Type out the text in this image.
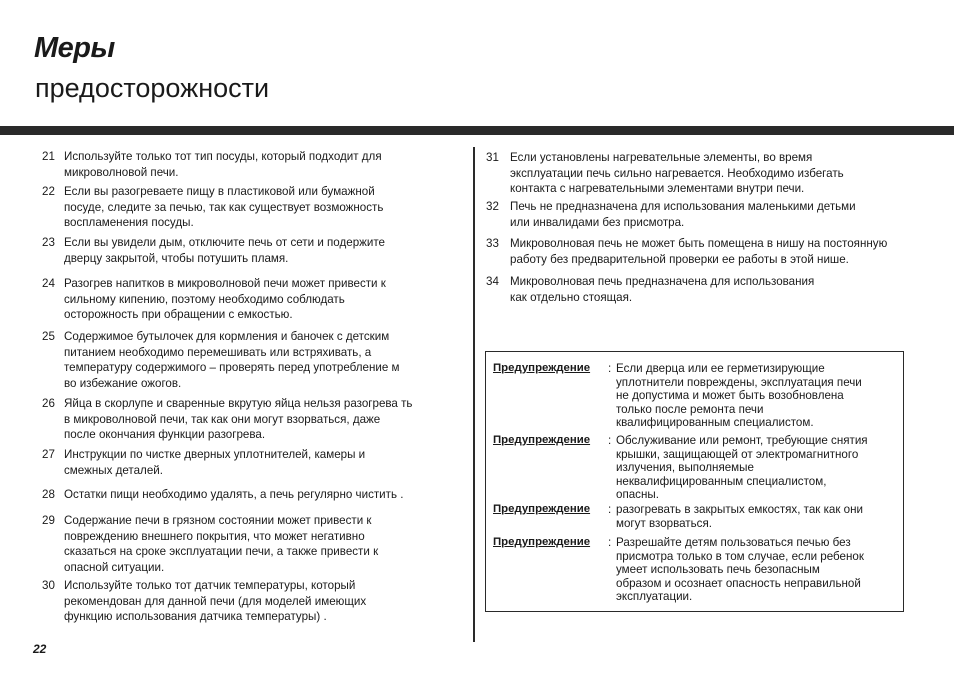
Меры
предосторожности
21 Используйте только тот тип посуды, который подходит для
микроволновой печи.
22 Если вы разогреваете пищу в пластиковой или бумажной
посуде, следите за печью, так как существует возможность
воспламенения посуды.
23 Если вы увидели дым, отключите печь от сети и подержите
дверцу закрытой, чтобы потушить пламя.
24 Разогрев напитков в микроволновой печи может привести к
сильному кипению, поэтому необходимо соблюдать
осторожность при обращении с емкостью.
25 Содержимое бутылочек для кормления и баночек с детским
питанием необходимо перемешивать или встряхивать, а
температуру содержимого – проверять перед употребление м
во избежание ожогов.
26 Яйца в скорлупе и сваренные вкрутую яйца нельзя разогрева ть
в микроволновой печи, так как они могут взорваться, даже
после окончания функции разогрева.
27 Инструкции по чистке дверных уплотнителей, камеры и
смежных деталей.
28 Остатки пищи необходимо удалять, а печь регулярно чистить .
29 Содержание печи в грязном состоянии может привести к
повреждению внешнего покрытия, что может негативно
сказаться на сроке эксплуатации печи, а также привести к
опасной ситуации.
30 Используйте только тот датчик температуры, который
рекомендован для данной печи (для моделей имеющих
функцию использования датчика температуры) .
31 Если установлены нагревательные элементы, во время
эксплуатации печь сильно нагревается. Необходимо избегать
контакта с нагревательными элементами внутри печи.
32 Печь не предназначена для использования маленькими детьми
или инвалидами без присмотра.
33 Микроволновая печь не может быть помещена в нишу на постоянную
работу без предварительной проверки ее работы в этой нише.
34 Микроволновая печь предназначена для использования
как отдельно стоящая.
Предупреждение : Если дверца или ее герметизирующие
уплотнители повреждены, эксплуатация печи
не допустима и может быть возобновлена
только после ремонта печи
квалифицированным специалистом.
Предупреждение : Обслуживание или ремонт, требующие снятия
крышки, защищающей от электромагнитного
излучения, выполняемые
неквалифицированным специалистом,
опасны.
Предупреждение : разогревать в закрытых емкостях, так как они
могут взорваться.
Предупреждение : Разрешайте детям пользоваться печью без
присмотра только в том случае, если ребенок
умеет использовать печь безопасным
образом и осознает опасность неправильной
эксплуатации.
22
